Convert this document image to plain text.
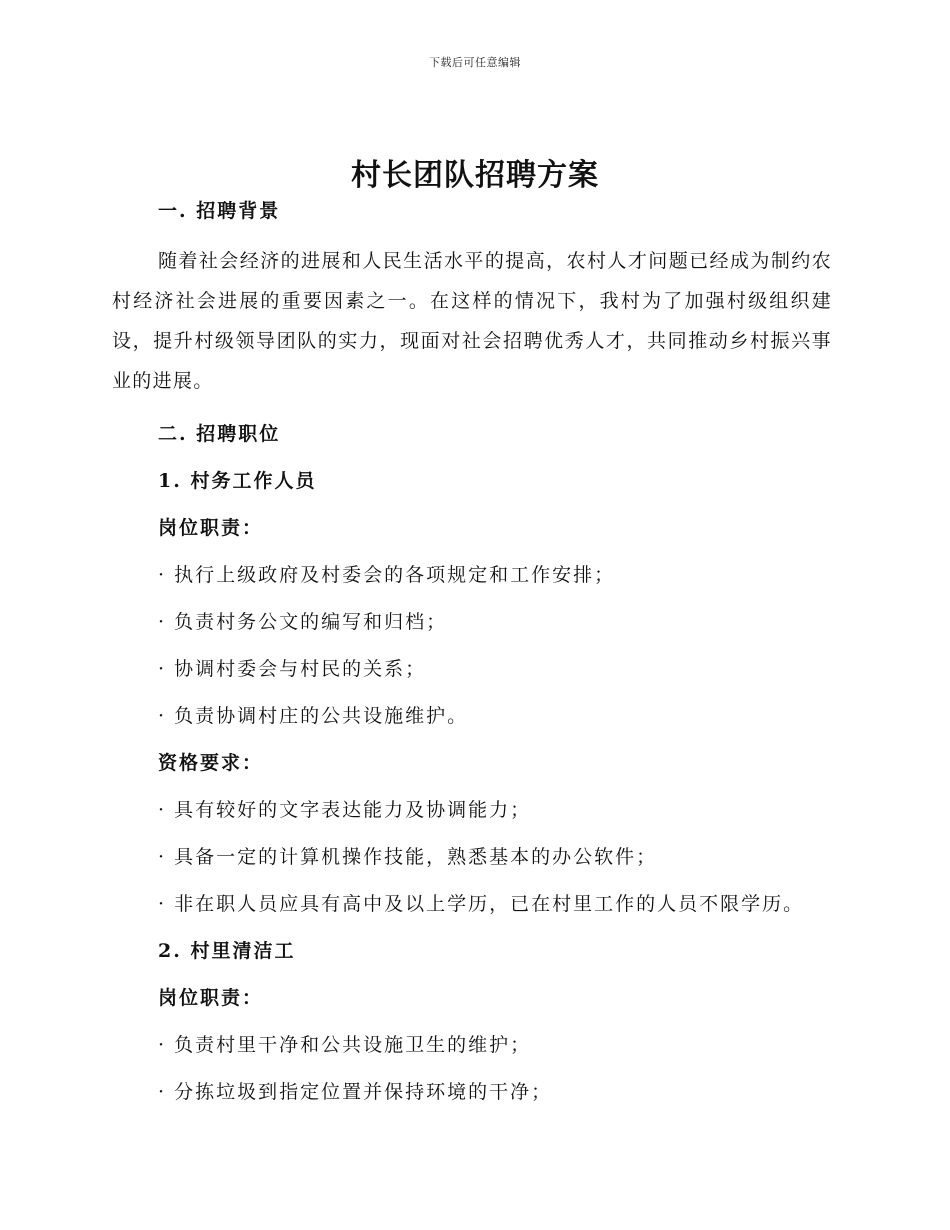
下载后可任意编辑
村长团队招聘方案

一. 招聘背景

随着社会经济的进展和人民生活水平的提高，农村人才问题已经成为制约农村经济社会进展的重要因素之一。在这样的情况下，我村为了加强村级组织建设，提升村级领导团队的实力，现面对社会招聘优秀人才，共同推动乡村振兴事业的进展。

二. 招聘职位

1. 村务工作人员

岗位职责：

· 执行上级政府及村委会的各项规定和工作安排；

· 负责村务公文的编写和归档；

· 协调村委会与村民的关系；

· 负责协调村庄的公共设施维护。

资格要求：

· 具有较好的文字表达能力及协调能力；

· 具备一定的计算机操作技能，熟悉基本的办公软件；

· 非在职人员应具有高中及以上学历，已在村里工作的人员不限学历。

2. 村里清洁工

岗位职责：

· 负责村里干净和公共设施卫生的维护；

· 分拣垃圾到指定位置并保持环境的干净；
